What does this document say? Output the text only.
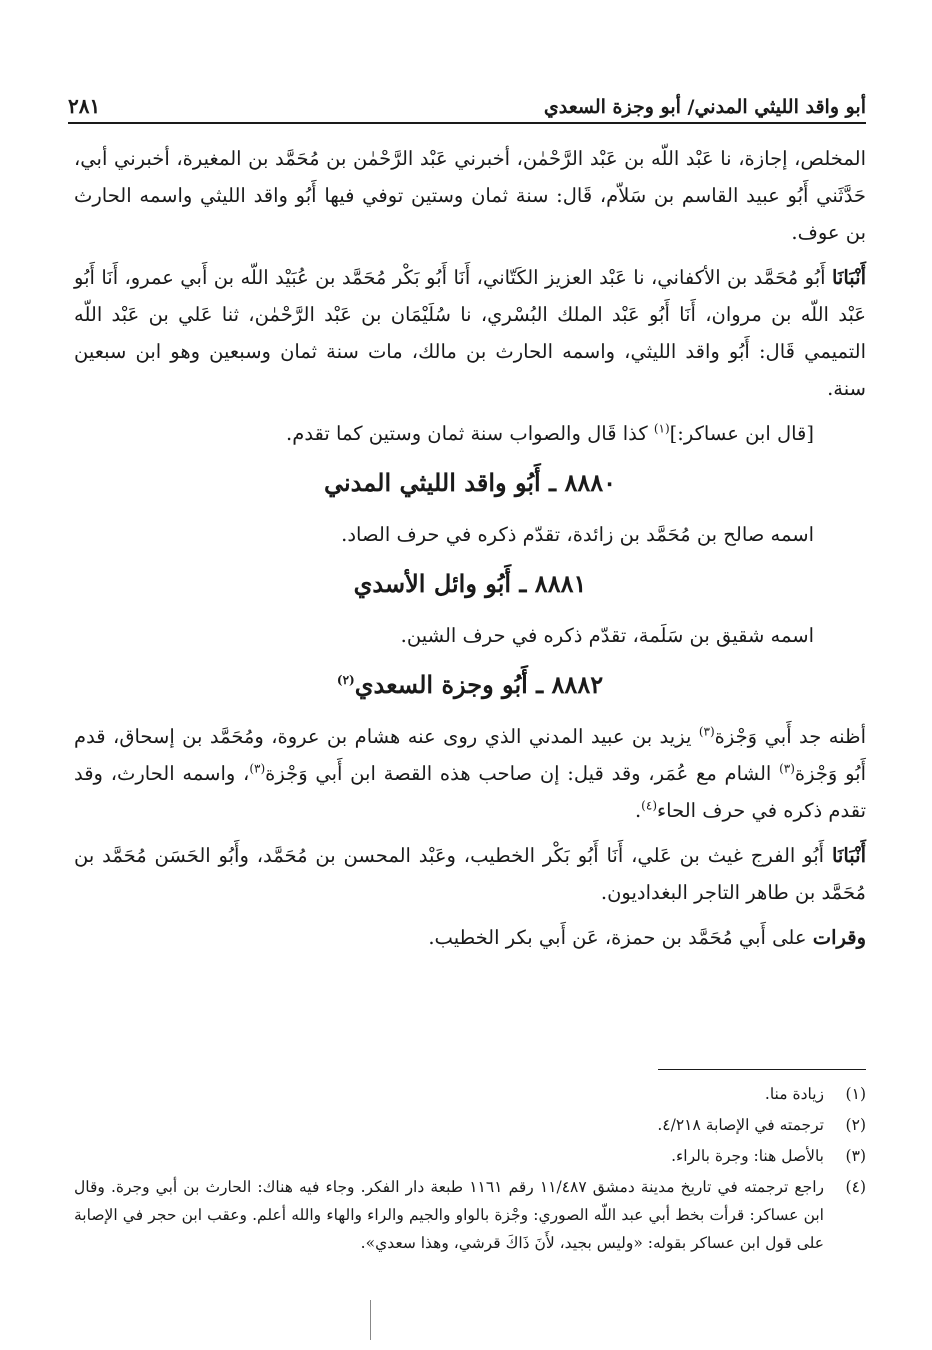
أبو واقد الليثي المدني/ أبو وجزة السعدي
٢٨١

المخلص، إجازة، نا عَبْد اللّه بن عَبْد الرَّحْمٰن، أخبرني عَبْد الرَّحْمٰن بن مُحَمَّد بن المغيرة، أخبرني أبي، حَدَّثَني أَبُو عبيد القاسم بن سَلاّم، قَال: سنة ثمان وستين توفي فيها أَبُو واقد الليثي واسمه الحارث بن عوف.

أَنْبَانَا أَبُو مُحَمَّد بن الأكفاني، نا عَبْد العزيز الكَتّاني، أَنَا أَبُو بَكْر مُحَمَّد بن عُبَيْد اللّه بن أَبي عمرو، أَنَا أَبُو عَبْد اللّه بن مروان، أَنَا أَبُو عَبْد الملك البُسْري، نا سُلَيْمَان بن عَبْد الرَّحْمٰن، ثنا عَلي بن عَبْد اللّه التميمي قَال: أَبُو واقد الليثي، واسمه الحارث بن مالك، مات سنة ثمان وسبعين وهو ابن سبعين سنة.

[قال ابن عساكر:]$^{(١)}$ كذا قَال والصواب سنة ثمان وستين كما تقدم.

٨٨٨٠ ـ أَبُو واقد الليثي المدني

اسمه صالح بن مُحَمَّد بن زائدة، تقدّم ذكره في حرف الصاد.

٨٨٨١ ـ أَبُو وائل الأسدي

اسمه شقيق بن سَلَمة، تقدّم ذكره في حرف الشين.

٨٨٨٢ ـ أَبُو وجزة السعدي$^{(٢)}$

أظنه جد أَبي وَجْزة$^{(٣)}$ يزيد بن عبيد المدني الذي روى عنه هشام بن عروة، ومُحَمَّد بن إسحاق، قدم أَبُو وَجْزة$^{(٣)}$ الشام مع عُمَر، وقد قيل: إن صاحب هذه القصة ابن أَبي وَجْزة$^{(٣)}$، واسمه الحارث، وقد تقدم ذكره في حرف الحاء$^{(٤)}$.

أَنْبَانَا أَبُو الفرج غيث بن عَلي، أَنَا أَبُو بَكْر الخطيب، وعَبْد المحسن بن مُحَمَّد، وأَبُو الحَسَن مُحَمَّد بن مُحَمَّد بن طاهر التاجر البغداديون.

وقرات على أَبي مُحَمَّد بن حمزة، عَن أَبي بكر الخطيب.

(١)
زيادة منا.
(٢)
ترجمته في الإصابة ٤/٢١٨.
(٣)
بالأصل هنا: وجرة بالراء.
(٤)
راجع ترجمته في تاريخ مدينة دمشق ١١/٤٨٧ رقم ١١٦١ طبعة دار الفكر. وجاء فيه هناك: الحارث بن أبي وجرة. وقال ابن عساكر: قرأت بخط أبي عبد اللّه الصوري: وجْزة بالواو والجيم والراء والهاء والله أعلم. وعقب ابن حجر في الإصابة على قول ابن عساكر بقوله: «وليس بجيد، لأَنَ ذَاكَ قرشي، وهذا سعدي».
